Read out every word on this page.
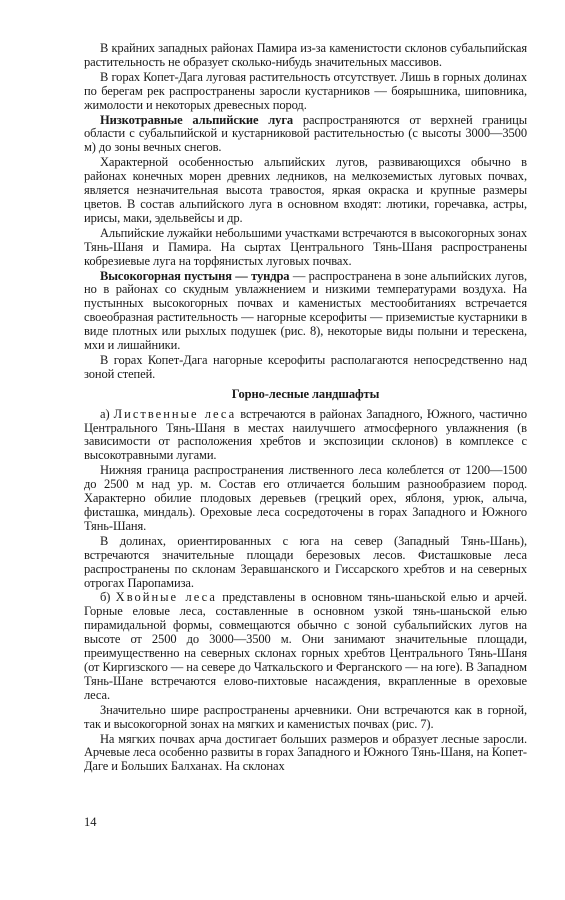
В крайних западных районах Памира из-за каменистости склонов субальпийская растительность не образует сколько-нибудь значительных массивов.

В горах Копет-Дага луговая растительность отсутствует. Лишь в горных долинах по берегам рек распространены заросли кустарников — боярышника, шиповника, жимолости и некоторых древесных пород.

Низкотравные альпийские луга распространяются от верхней границы области с субальпийской и кустарниковой растительностью (с высоты 3000—3500 м) до зоны вечных снегов.

Характерной особенностью альпийских лугов, развивающихся обычно в районах конечных морен древних ледников, на мелкоземистых луговых почвах, является незначительная высота травостоя, яркая окраска и крупные размеры цветов. В состав альпийского луга в основном входят: лютики, горечавка, астры, ирисы, маки, эдельвейсы и др.

Альпийские лужайки небольшими участками встречаются в высокогорных зонах Тянь-Шаня и Памира. На сыртах Центрального Тянь-Шаня распространены кобрезиевые луга на торфянистых луговых почвах.

Высокогорная пустыня — тундра — распространена в зоне альпийских лугов, но в районах со скудным увлажнением и низкими температурами воздуха. На пустынных высокогорных почвах и каменистых местообитаниях встречается своеобразная растительность — нагорные ксерофиты — приземистые кустарники в виде плотных или рыхлых подушек (рис. 8), некоторые виды полыни и терескена, мхи и лишайники.

В горах Копет-Дага нагорные ксерофиты располагаются непосредственно над зоной степей.

Горно-лесные ландшафты

а) Лиственные леса встречаются в районах Западного, Южного, частично Центрального Тянь-Шаня в местах наилучшего атмосферного увлажнения (в зависимости от расположения хребтов и экспозиции склонов) в комплексе с высокотравными лугами.

Нижняя граница распространения лиственного леса колеблется от 1200—1500 до 2500 м над ур. м. Состав его отличается большим разнообразием пород. Характерно обилие плодовых деревьев (грецкий орех, яблоня, урюк, алыча, фисташка, миндаль). Ореховые леса сосредоточены в горах Западного и Южного Тянь-Шаня.

В долинах, ориентированных с юга на север (Западный Тянь-Шань), встречаются значительные площади березовых лесов. Фисташковые леса распространены по склонам Зеравшанского и Гиссарского хребтов и на северных отрогах Паропамиза.

б) Хвойные леса представлены в основном тянь-шаньской елью и арчей. Горные еловые леса, составленные в основном узкой тянь-шаньской елью пирамидальной формы, совмещаются обычно с зоной субальпийских лугов на высоте от 2500 до 3000—3500 м. Они занимают значительные площади, преимущественно на северных склонах горных хребтов Центрального Тянь-Шаня (от Киргизского — на севере до Чаткальского и Ферганского — на юге). В Западном Тянь-Шане встречаются елово-пихтовые насаждения, вкрапленные в ореховые леса.

Значительно шире распространены арчевники. Они встречаются как в горной, так и высокогорной зонах на мягких и каменистых почвах (рис. 7).

На мягких почвах арча достигает больших размеров и образует лесные заросли. Арчевые леса особенно развиты в горах Западного и Южного Тянь-Шаня, на Копет-Даге и Больших Балханах. На склонах

14
